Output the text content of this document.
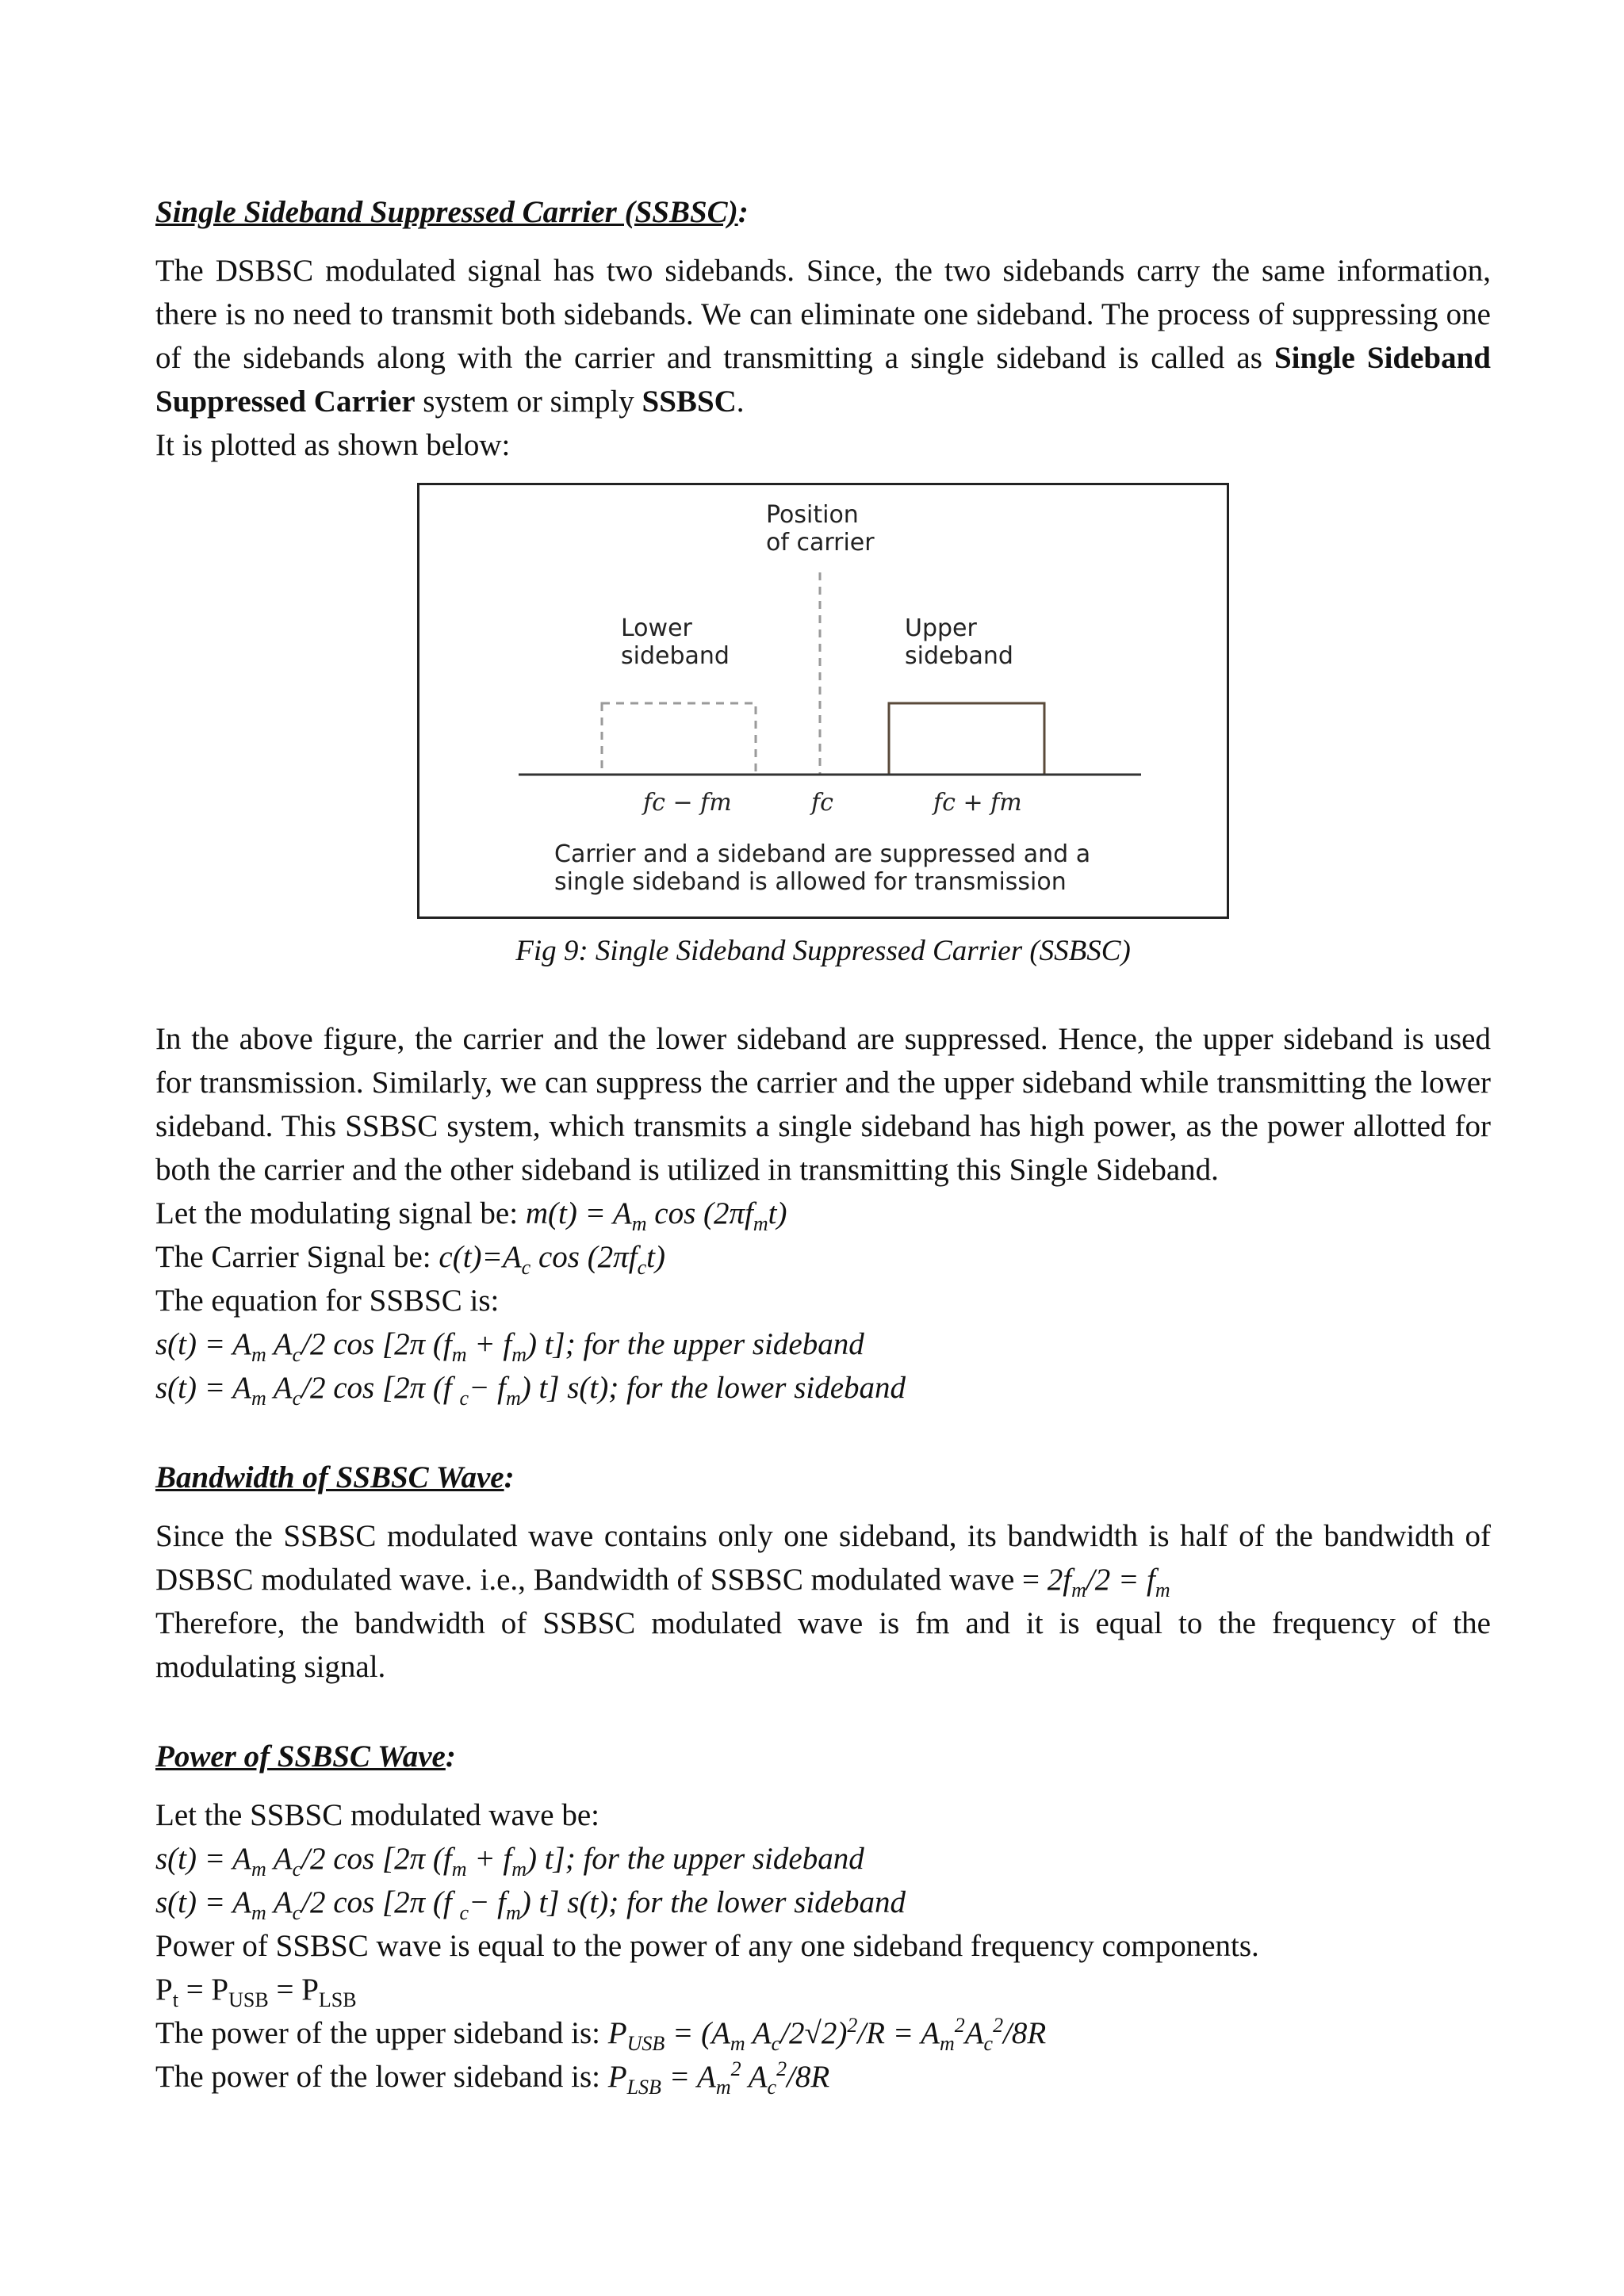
Single Sideband Suppressed Carrier (SSBSC):

The DSBSC modulated signal has two sidebands. Since, the two sidebands carry the same information, there is no need to transmit both sidebands. We can eliminate one sideband. The process of suppressing one of the sidebands along with the carrier and transmitting a single sideband is called as Single Sideband Suppressed Carrier system or simply SSBSC.

It is plotted as shown below:
Position
of carrier
Lower
sideband
Upper
sideband
fc − fm	fc	fc + fm
Carrier and a sideband are suppressed and a
single sideband is allowed for transmission
Fig 9: Single Sideband Suppressed Carrier (SSBSC)

In the above figure, the carrier and the lower sideband are suppressed. Hence, the upper sideband is used for transmission. Similarly, we can suppress the carrier and the upper sideband while transmitting the lower sideband. This SSBSC system, which transmits a single sideband has high power, as the power allotted for both the carrier and the other sideband is utilized in transmitting this Single Sideband.

Let the modulating signal be: $m(t) = A_m$ $\cos (2\pi f_mt)$
The Carrier Signal be: $c(t)=A_c$ $\cos (2\pi f_ct)$
The equation for SSBSC is:
$s(t) = A_m$ $A_c/2$ cos [2π $(f_m + f_m)$ t]; for the upper sideband
$s(t) = A_m$ $A_c/2$ cos [2π (f $_c- f_m$) t] s(t); for the lower sideband
Bandwidth of SSBSC Wave:

Since the SSBSC modulated wave contains only one sideband, its bandwidth is half of the bandwidth of DSBSC modulated wave. i.e., Bandwidth of SSBSC modulated wave = $2f_m/2 = f_m$

Therefore, the bandwidth of SSBSC modulated wave is fm and it is equal to the frequency of the modulating signal.

Power of SSBSC Wave:
Let the SSBSC modulated wave be:
$s(t) = A_m$ $A_c/2$ cos [2π $(f_m + f_m)$ t]; for the upper sideband
$s(t) = A_m$ $A_c/2$ cos [2π (f $_c- f_m$) t] s(t); for the lower sideband
Power of SSBSC wave is equal to the power of any one sideband frequency components.
$P_t = P_{USB} = P_{LSB}$
The power of the upper sideband is: $P_{USB} = (A_m$ $A_c/2√2)^2/R = A_m^2A_c^2/8R$
The power of the lower sideband is: $P_{LSB} = A_m^2$ $A_c^2/8R$
